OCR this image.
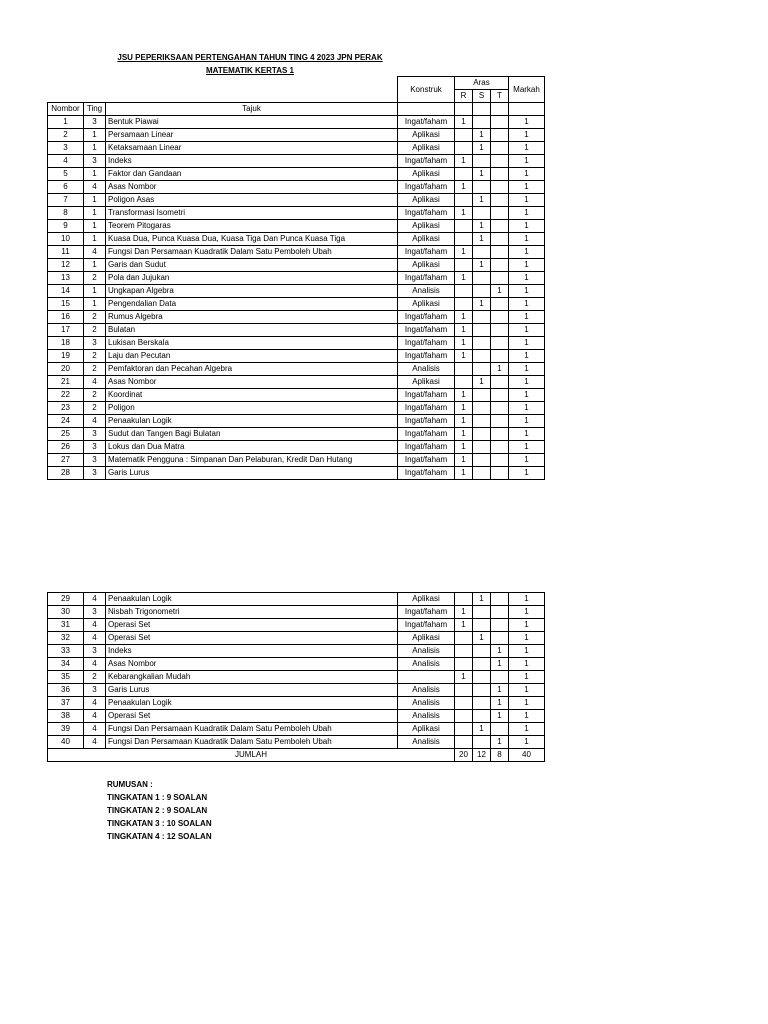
JSU PEPERIKSAAN PERTENGAHAN TAHUN TING 4 2023 JPN PERAK
MATEMATIK KERTAS 1
			Konstruk	Aras			Markah
				R	S	T	
Nombor	Ting	Tajuk					
1	3	Bentuk Piawai	Ingat/faham	1			1
2	1	Persamaan Linear	Aplikasi		1		1
3	1	Ketaksamaan Linear	Aplikasi		1		1
4	3	Indeks	Ingat/faham	1			1
5	1	Faktor dan Gandaan	Aplikasi		1		1
6	4	Asas Nombor	Ingat/faham	1			1
7	1	Poligon Asas	Aplikasi		1		1
8	1	Transformasi Isometri	Ingat/faham	1			1
9	1	Teorem Pitogaras	Aplikasi		1		1
10	1	Kuasa Dua, Punca Kuasa Dua, Kuasa Tiga Dan Punca Kuasa Tiga	Aplikasi		1		1
11	4	Fungsi Dan Persamaan Kuadratik Dalam Satu Pemboleh Ubah	Ingat/faham	1			1
12	1	Garis dan Sudut	Aplikasi		1		1
13	2	Pola dan Jujukan	Ingat/faham	1			1
14	1	Ungkapan Algebra	Analisis			1	1
15	1	Pengendalian Data	Aplikasi		1		1
16	2	Rumus Algebra	Ingat/faham	1			1
17	2	Bulatan	Ingat/faham	1			1
18	3	Lukisan Berskala	Ingat/faham	1			1
19	2	Laju dan Pecutan	Ingat/faham	1			1
20	2	Pemfaktoran dan Pecahan Algebra	Analisis			1	1
21	4	Asas Nombor	Aplikasi		1		1
22	2	Koordinat	Ingat/faham	1			1
23	2	Poligon	Ingat/faham	1			1
24	4	Penaakulan Logik	Ingat/faham	1			1
25	3	Sudut dan Tangen Bagi Bulatan	Ingat/faham	1			1
26	3	Lokus dan Dua Matra	Ingat/faham	1			1
27	3	Matematik Pengguna : Simpanan Dan Pelaburan, Kredit Dan Hutang	Ingat/faham	1			1
28	3	Garis Lurus	Ingat/faham	1			1
29	4	Penaakulan Logik	Aplikasi		1		1
30	3	Nisbah Trigonometri	Ingat/faham	1			1
31	4	Operasi Set	Ingat/faham	1			1
32	4	Operasi Set	Aplikasi		1		1
33	3	Indeks	Analisis			1	1
34	4	Asas Nombor	Analisis			1	1
35	2	Kebarangkalian Mudah		1			1
36	3	Garis Lurus	Analisis			1	1
37	4	Penaakulan Logik	Analisis			1	1
38	4	Operasi Set	Analisis			1	1
39	4	Fungsi Dan Persamaan Kuadratik Dalam Satu Pemboleh Ubah	Aplikasi		1		1
40	4	Fungsi Dan Persamaan Kuadratik Dalam Satu Pemboleh Ubah	Analisis			1	1
JUMLAH				20	12	8	40
RUMUSAN :
TINGKATAN 1 : 9 SOALAN
TINGKATAN 2 : 9 SOALAN
TINGKATAN 3 : 10 SOALAN
TINGKATAN 4 : 12 SOALAN
